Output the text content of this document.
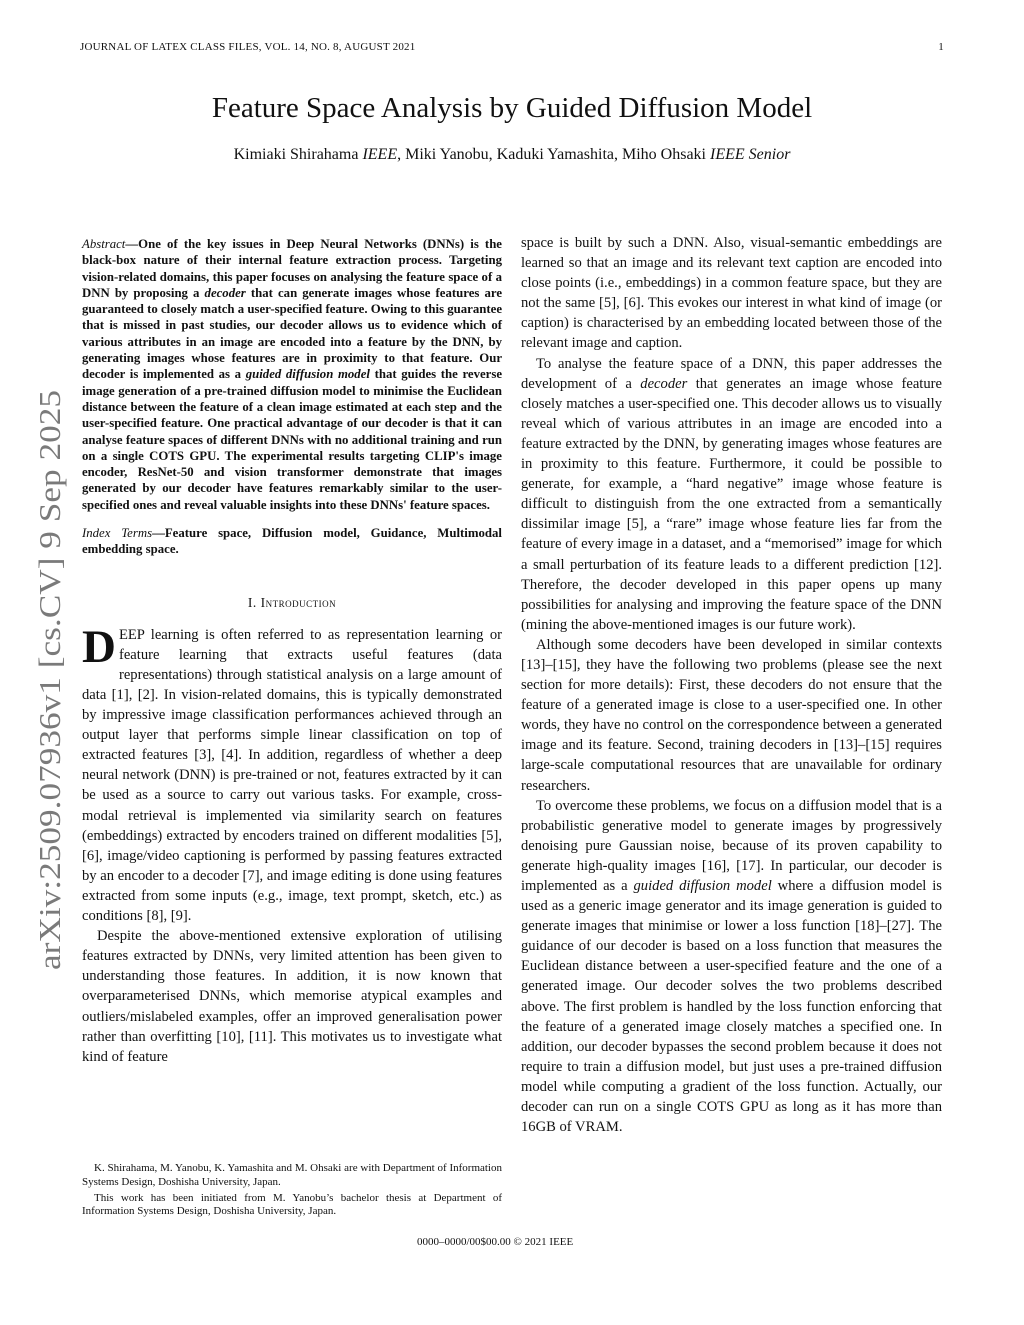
JOURNAL OF LATEX CLASS FILES, VOL. 14, NO. 8, AUGUST 2021	1
Feature Space Analysis by Guided Diffusion Model
Kimiaki Shirahama IEEE, Miki Yanobu, Kaduki Yamashita, Miho Ohsaki IEEE Senior
arXiv:2509.07936v1 [cs.CV] 9 Sep 2025

Abstract—One of the key issues in Deep Neural Networks (DNNs) is the black-box nature of their internal feature extraction process. Targeting vision-related domains, this paper focuses on analysing the feature space of a DNN by proposing a decoder that can generate images whose features are guaranteed to closely match a user-specified feature. Owing to this guarantee that is missed in past studies, our decoder allows us to evidence which of various attributes in an image are encoded into a feature by the DNN, by generating images whose features are in proximity to that feature. Our decoder is implemented as a guided diffusion model that guides the reverse image generation of a pre-trained diffusion model to minimise the Euclidean distance between the feature of a clean image estimated at each step and the user-specified feature. One practical advantage of our decoder is that it can analyse feature spaces of different DNNs with no additional training and run on a single COTS GPU. The experimental results targeting CLIP's image encoder, ResNet-50 and vision transformer demonstrate that images generated by our decoder have features remarkably similar to the user-specified ones and reveal valuable insights into these DNNs' feature spaces.

Index Terms—Feature space, Diffusion model, Guidance, Multimodal embedding space.

I. Introduction

DEEP learning is often referred to as representation learning or feature learning that extracts useful features (data representations) through statistical analysis on a large amount of data [1], [2]. In vision-related domains, this is typically demonstrated by impressive image classification performances achieved through an output layer that performs simple linear classification on top of extracted features [3], [4]. In addition, regardless of whether a deep neural network (DNN) is pre-trained or not, features extracted by it can be used as a source to carry out various tasks. For example, cross-modal retrieval is implemented via similarity search on features (embeddings) extracted by encoders trained on different modalities [5], [6], image/video captioning is performed by passing features extracted by an encoder to a decoder [7], and image editing is done using features extracted from some inputs (e.g., image, text prompt, sketch, etc.) as conditions [8], [9].

Despite the above-mentioned extensive exploration of utilising features extracted by DNNs, very limited attention has been given to understanding those features. In addition, it is now known that overparameterised DNNs, which memorise atypical examples and outliers/mislabeled examples, offer an improved generalisation power rather than overfitting [10], [11]. This motivates us to investigate what kind of feature

K. Shirahama, M. Yanobu, K. Yamashita and M. Ohsaki are with Department of Information Systems Design, Doshisha University, Japan.

This work has been initiated from M. Yanobu’s bachelor thesis at Department of Information Systems Design, Doshisha University, Japan.

space is built by such a DNN. Also, visual-semantic embeddings are learned so that an image and its relevant text caption are encoded into close points (i.e., embeddings) in a common feature space, but they are not the same [5], [6]. This evokes our interest in what kind of image (or caption) is characterised by an embedding located between those of the relevant image and caption.

To analyse the feature space of a DNN, this paper addresses the development of a decoder that generates an image whose feature closely matches a user-specified one. This decoder allows us to visually reveal which of various attributes in an image are encoded into a feature extracted by the DNN, by generating images whose features are in proximity to this feature. Furthermore, it could be possible to generate, for example, a “hard negative” image whose feature is difficult to distinguish from the one extracted from a semantically dissimilar image [5], a “rare” image whose feature lies far from the feature of every image in a dataset, and a “memorised” image for which a small perturbation of its feature leads to a different prediction [12]. Therefore, the decoder developed in this paper opens up many possibilities for analysing and improving the feature space of the DNN (mining the above-mentioned images is our future work).

Although some decoders have been developed in similar contexts [13]–[15], they have the following two problems (please see the next section for more details): First, these decoders do not ensure that the feature of a generated image is close to a user-specified one. In other words, they have no control on the correspondence between a generated image and its feature. Second, training decoders in [13]–[15] requires large-scale computational resources that are unavailable for ordinary researchers.

To overcome these problems, we focus on a diffusion model that is a probabilistic generative model to generate images by progressively denoising pure Gaussian noise, because of its proven capability to generate high-quality images [16], [17]. In particular, our decoder is implemented as a guided diffusion model where a diffusion model is used as a generic image generator and its image generation is guided to generate images that minimise or lower a loss function [18]–[27]. The guidance of our decoder is based on a loss function that measures the Euclidean distance between a user-specified feature and the one of a generated image. Our decoder solves the two problems described above. The first problem is handled by the loss function enforcing that the feature of a generated image closely matches a specified one. In addition, our decoder bypasses the second problem because it does not require to train a diffusion model, but just uses a pre-trained diffusion model while computing a gradient of the loss function. Actually, our decoder can run on a single COTS GPU as long as it has more than 16GB of VRAM.

0000–0000/00$00.00 © 2021 IEEE
